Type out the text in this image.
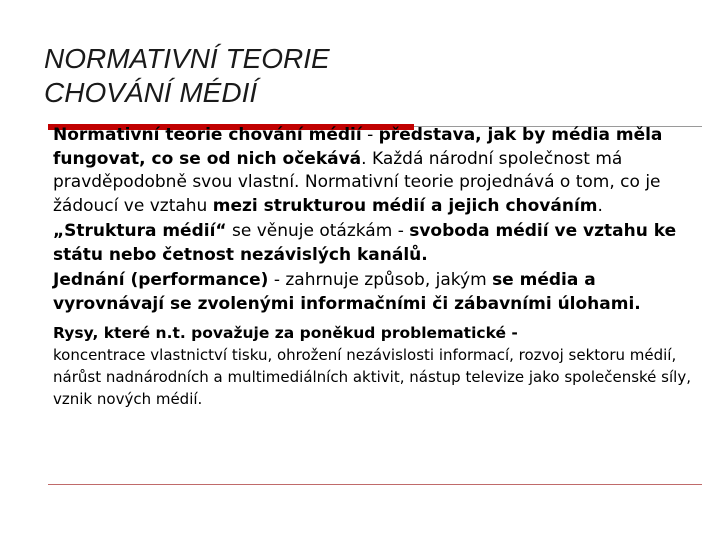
NORMATIVNÍ TEORIE
CHOVÁNÍ MÉDIÍ

Normativní teorie chování médií - představa, jak by média měla fungovat, co se od nich očekává. Každá národní společnost má pravděpodobně svou vlastní. Normativní teorie projednává o tom, co je žádoucí ve vztahu mezi strukturou médií a jejich chováním.

„Struktura médií“ se věnuje otázkám - svoboda médií ve vztahu ke státu nebo četnost nezávislých kanálů.

Jednání (performance) - zahrnuje způsob, jakým se média a vyrovnávají se zvolenými informačními či zábavními úlohami.

Rysy, které n.t. považuje za poněkud problematické -

koncentrace vlastnictví tisku, ohrožení nezávislosti informací, rozvoj sektoru médií, nárůst nadnárodních a multimediálních aktivit, nástup televize jako společenské síly, vznik nových médií.
